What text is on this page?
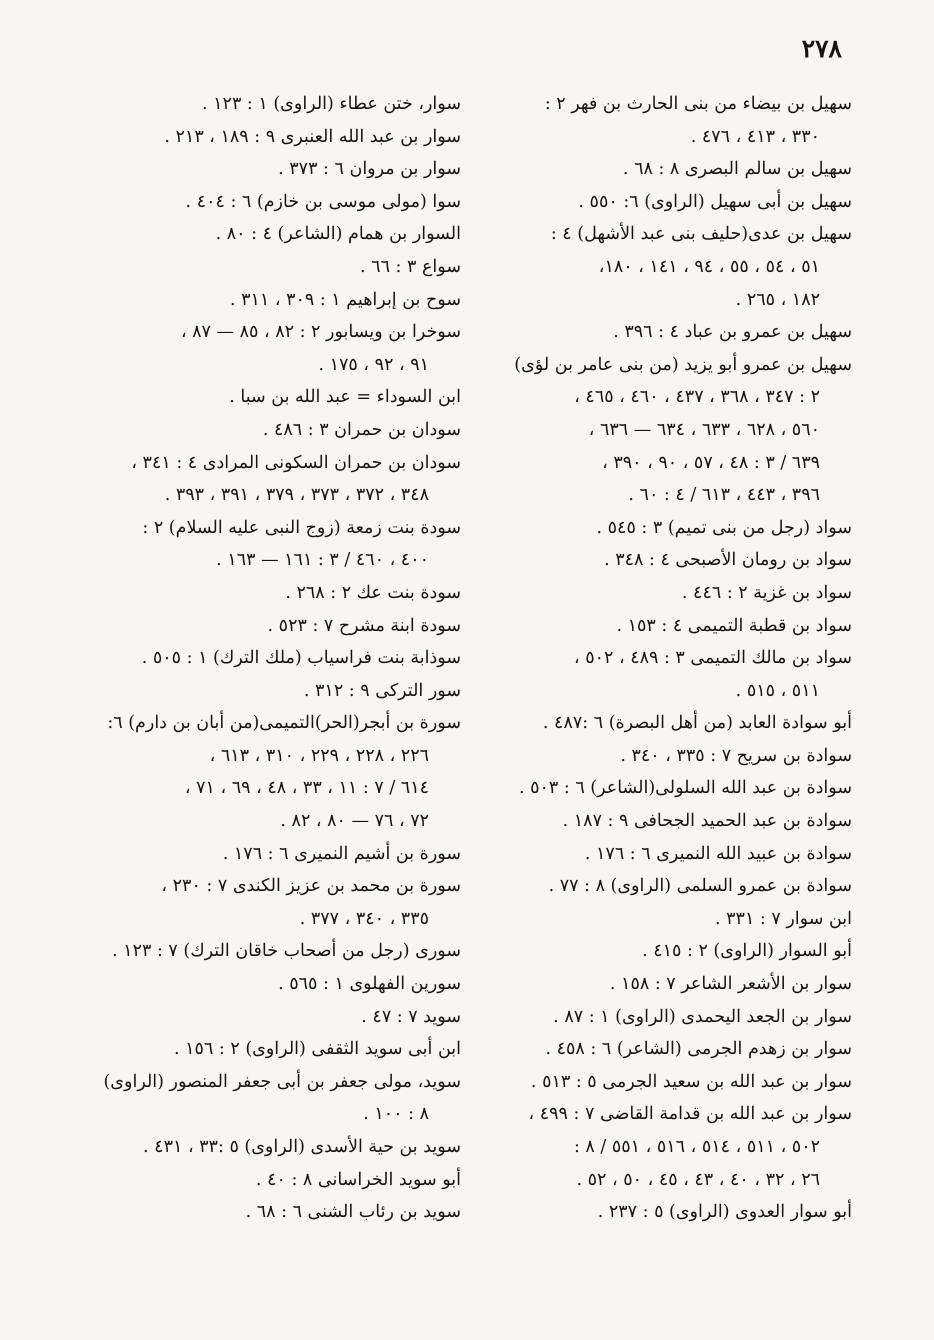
٢٧٨
سهيل بن بيضاء من بنى الحارث بن فهر ٢ :
٣٣٠ ، ٤١٣ ، ٤٧٦ .
سهيل بن سالم البصرى ٨ : ٦٨ .
سهيل بن أبى سهيل (الراوى) ٦: ٥٥٠ .
سهيل بن عدى(حليف بنى عبد الأشهل) ٤ :
٥١ ، ٥٤ ، ٥٥ ، ٩٤ ، ١٤١ ، ١٨٠،
١٨٢ ، ٢٦٥ .
سهيل بن عمرو بن عباد ٤ : ٣٩٦ .
سهيل بن عمرو أبو يزيد (من بنى عامر بن لؤى)
٢ : ٣٤٧ ، ٣٦٨ ، ٤٣٧ ، ٤٦٠ ، ٤٦٥ ،
٥٦٠ ، ٦٢٨ ، ٦٣٣ ، ٦٣٤ — ٦٣٦ ،
٦٣٩ / ٣ : ٤٨ ، ٥٧ ، ٩٠ ، ٣٩٠ ،
٣٩٦ ، ٤٤٣ ، ٦١٣ / ٤ : ٦٠ .
سواد (رجل من بنى تميم) ٣ : ٥٤٥ .
سواد بن رومان الأصبحى ٤ : ٣٤٨ .
سواد بن غزية ٢ : ٤٤٦ .
سواد بن قطبة التميمى ٤ : ١٥٣ .
سواد بن مالك التميمى ٣ : ٤٨٩ ، ٥٠٢ ،
٥١١ ، ٥١٥ .
أبو سوادة العابد (من أهل البصرة) ٦ :٤٨٧ .
سوادة بن سريح ٧ : ٣٣٥ ، ٣٤٠ .
سوادة بن عبد الله السلولى(الشاعر) ٦ : ٥٠٣ .
سوادة بن عبد الحميد الجحافى ٩ : ١٨٧ .
سوادة بن عبيد الله النميرى ٦ : ١٧٦ .
سوادة بن عمرو السلمى (الراوى) ٨ : ٧٧ .
ابن سوار ٧ : ٣٣١ .
أبو السوار (الراوى) ٢ : ٤١٥ .
سوار بن الأشعر الشاعر ٧ : ١٥٨ .
سوار بن الجعد اليحمدى (الراوى) ١ : ٨٧ .
سوار بن زهدم الجرمى (الشاعر) ٦ : ٤٥٨ .
سوار بن عبد الله بن سعيد الجرمى ٥ : ٥١٣ .
سوار بن عبد الله بن قدامة القاضى ٧ : ٤٩٩ ،
٥٠٢ ، ٥١١ ، ٥١٤ ، ٥١٦ ، ٥٥١ / ٨ :
٢٦ ، ٣٢ ، ٤٠ ، ٤٣ ، ٤٥ ، ٥٠ ، ٥٢ .
أبو سوار العدوى (الراوى) ٥ : ٢٣٧ .
سوار، ختن عطاء (الراوى) ١ : ١٢٣ .
سوار بن عبد الله العنبرى ٩ : ١٨٩ ، ٢١٣ .
سوار بن مروان ٦ : ٣٧٣ .
سوا (مولى موسى بن خازم) ٦ : ٤٠٤ .
السوار بن همام (الشاعر) ٤ : ٨٠ .
سواع ٣ : ٦٦ .
سوح بن إبراهيم ١ : ٣٠٩ ، ٣١١ .
سوخرا بن ويسابور ٢ : ٨٢ ، ٨٥ — ٨٧ ،
٩١ ، ٩٢ ، ١٧٥ .
ابن السوداء = عبد الله بن سبا .
سودان بن حمران ٣ : ٤٨٦ .
سودان بن حمران السكونى المرادى ٤ : ٣٤١ ،
٣٤٨ ، ٣٧٢ ، ٣٧٣ ، ٣٧٩ ، ٣٩١ ، ٣٩٣ .
سودة بنت زمعة (زوج النبى عليه السلام) ٢ :
٤٠٠ ، ٤٦٠ / ٣ : ١٦١ — ١٦٣ .
سودة بنت عك ٢ : ٢٦٨ .
سودة ابنة مشرح ٧ : ٥٢٣ .
سوذابة بنت فراسياب (ملك الترك) ١ : ٥٠٥ .
سور التركى ٩ : ٣١٢ .
سورة بن أبجر(الحر)التميمى(من أبان بن دارم) ٦:
٢٢٦ ، ٢٢٨ ، ٢٢٩ ، ٣١٠ ، ٦١٣ ،
٦١٤ / ٧ : ١١ ، ٣٣ ، ٤٨ ، ٦٩ ، ٧١ ،
٧٢ ، ٧٦ — ٨٠ ، ٨٢ .
سورة بن أشيم النميرى ٦ : ١٧٦ .
سورة بن محمد بن عزيز الكندى ٧ : ٢٣٠ ،
٣٣٥ ، ٣٤٠ ، ٣٧٧ .
سورى (رجل من أصحاب خاقان الترك) ٧ : ١٢٣ .
سورين الفهلوى ١ : ٥٦٥ .
سويد ٧ : ٤٧ .
ابن أبى سويد الثقفى (الراوى) ٢ : ١٥٦ .
سويد، مولى جعفر بن أبى جعفر المنصور (الراوى)
٨ : ١٠٠ .
سويد بن حية الأسدى (الراوى) ٥ :٣٣ ، ٤٣١ .
أبو سويد الخراسانى ٨ : ٤٠ .
سويد بن رئاب الشنى ٦ : ٦٨ .
